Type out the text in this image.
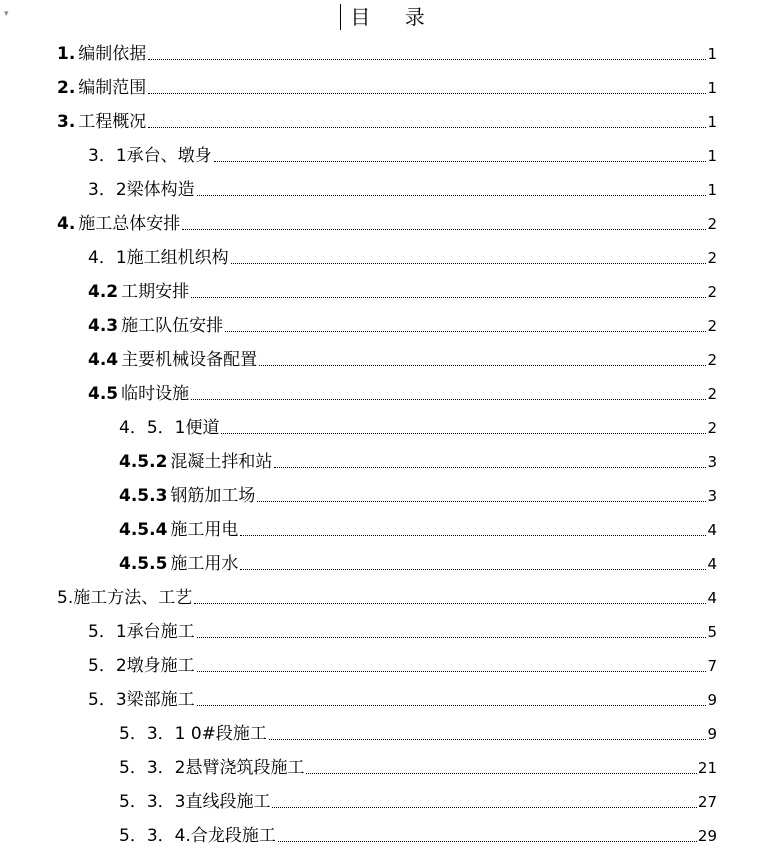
▾	目 录
1. 编制依据	1
2. 编制范围	1
3. 工程概况	1
3．1承台、墩身	1
3．2梁体构造	1
4. 施工总体安排	2
4．1施工组机织构	2
4.2 工期安排	2
4.3 施工队伍安排	2
4.4 主要机械设备配置	2
4.5 临时设施	2
4．5．1便道	2
4.5.2 混凝土拌和站	3
4.5.3 钢筋加工场	3
4.5.4 施工用电	4
4.5.5 施工用水	4
5.施工方法、工艺	4
5．1承台施工	5
5．2墩身施工	7
5．3梁部施工	9
5．3．1 0#段施工	9
5．3．2悬臂浇筑段施工	21
5．3．3直线段施工	27
5．3．4.合龙段施工	29
